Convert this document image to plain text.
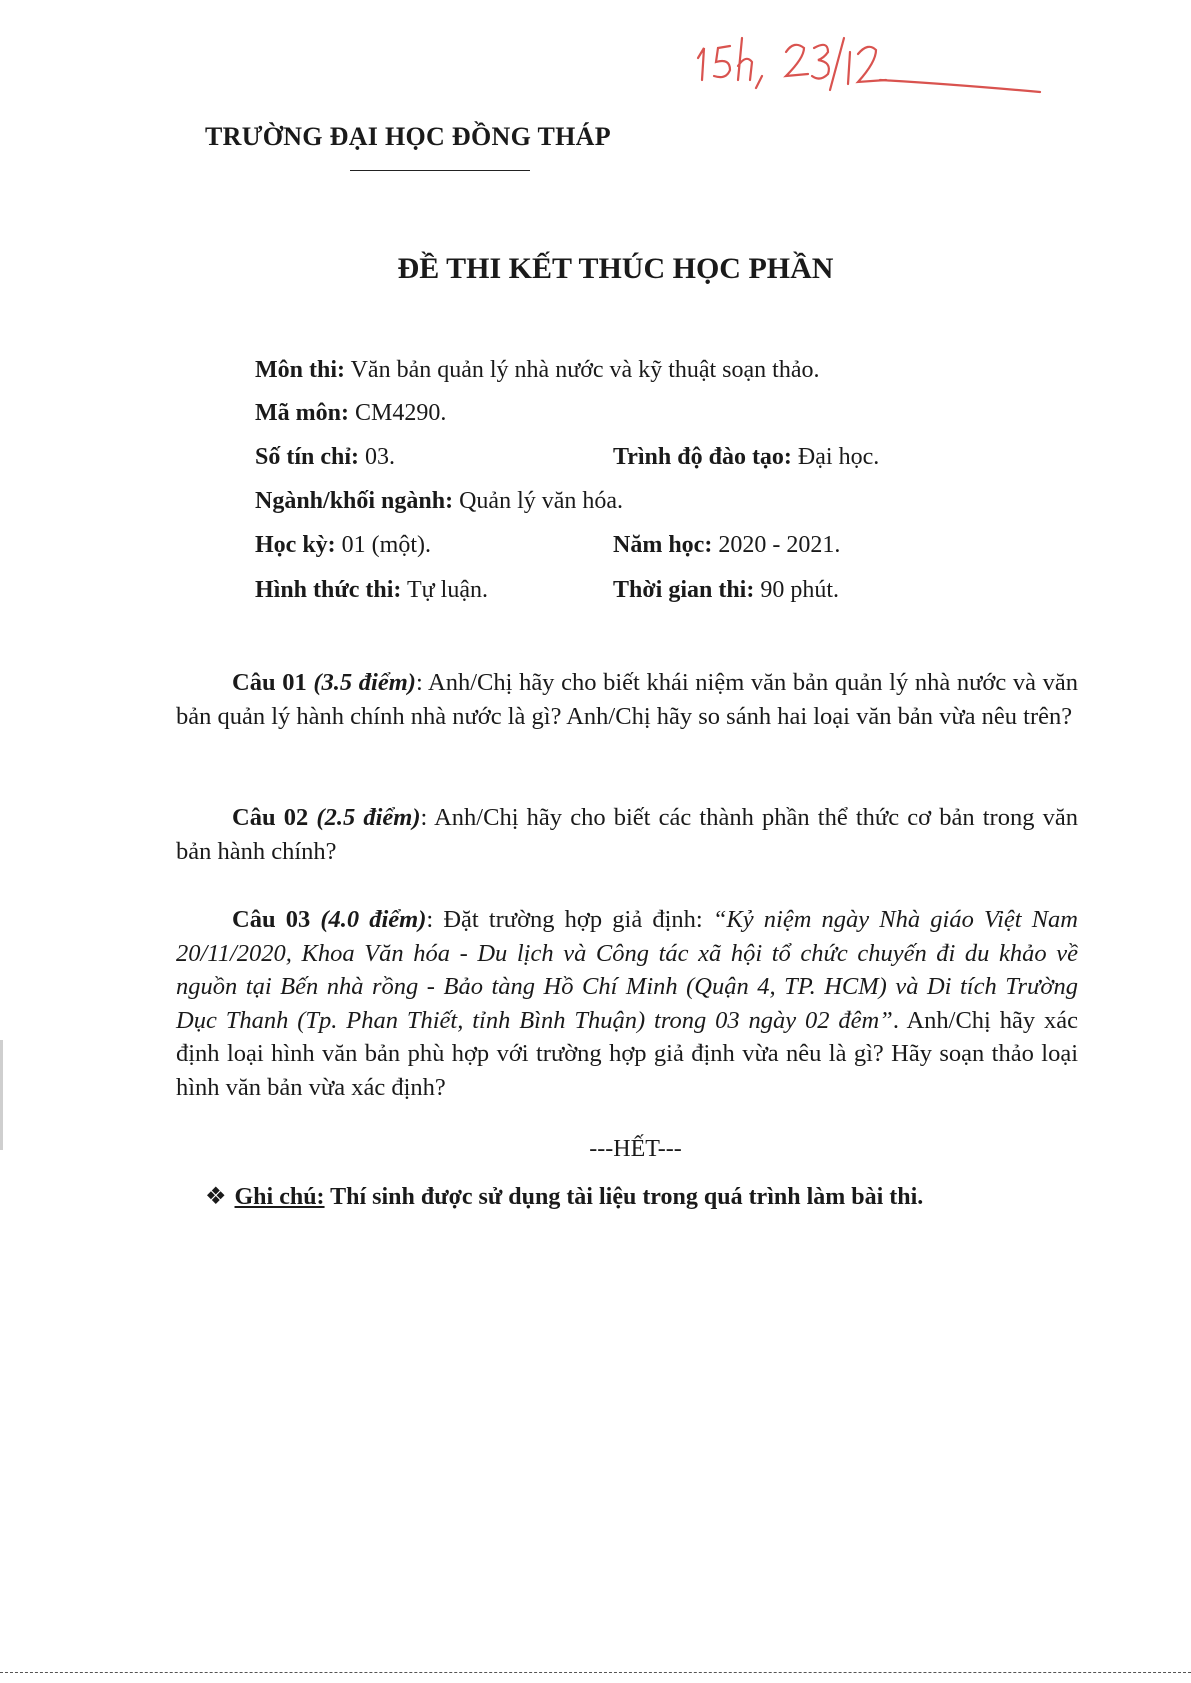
TRƯỜNG ĐẠI HỌC ĐỒNG THÁP
ĐỀ THI KẾT THÚC HỌC PHẦN
Môn thi: Văn bản quản lý nhà nước và kỹ thuật soạn thảo.
Mã môn: CM4290.
Số tín chỉ: 03.	Trình độ đào tạo: Đại học.
Ngành/khối ngành: Quản lý văn hóa.
Học kỳ: 01 (một).	Năm học: 2020 - 2021.
Hình thức thi: Tự luận.	Thời gian thi: 90 phút.
Câu 01 (3.5 điểm): Anh/Chị hãy cho biết khái niệm văn bản quản lý nhà nước và văn bản quản lý hành chính nhà nước là gì? Anh/Chị hãy so sánh hai loại văn bản vừa nêu trên?
Câu 02 (2.5 điểm): Anh/Chị hãy cho biết các thành phần thể thức cơ bản trong văn bản hành chính?
Câu 03 (4.0 điểm): Đặt trường hợp giả định: “Kỷ niệm ngày Nhà giáo Việt Nam 20/11/2020, Khoa Văn hóa - Du lịch và Công tác xã hội tổ chức chuyến đi du khảo về nguồn tại Bến nhà rồng - Bảo tàng Hồ Chí Minh (Quận 4, TP. HCM) và Di tích Trường Dục Thanh (Tp. Phan Thiết, tỉnh Bình Thuận) trong 03 ngày 02 đêm”. Anh/Chị hãy xác định loại hình văn bản phù hợp với trường hợp giả định vừa nêu là gì? Hãy soạn thảo loại hình văn bản vừa xác định?
---HẾT---
❖ Ghi chú: Thí sinh được sử dụng tài liệu trong quá trình làm bài thi.
